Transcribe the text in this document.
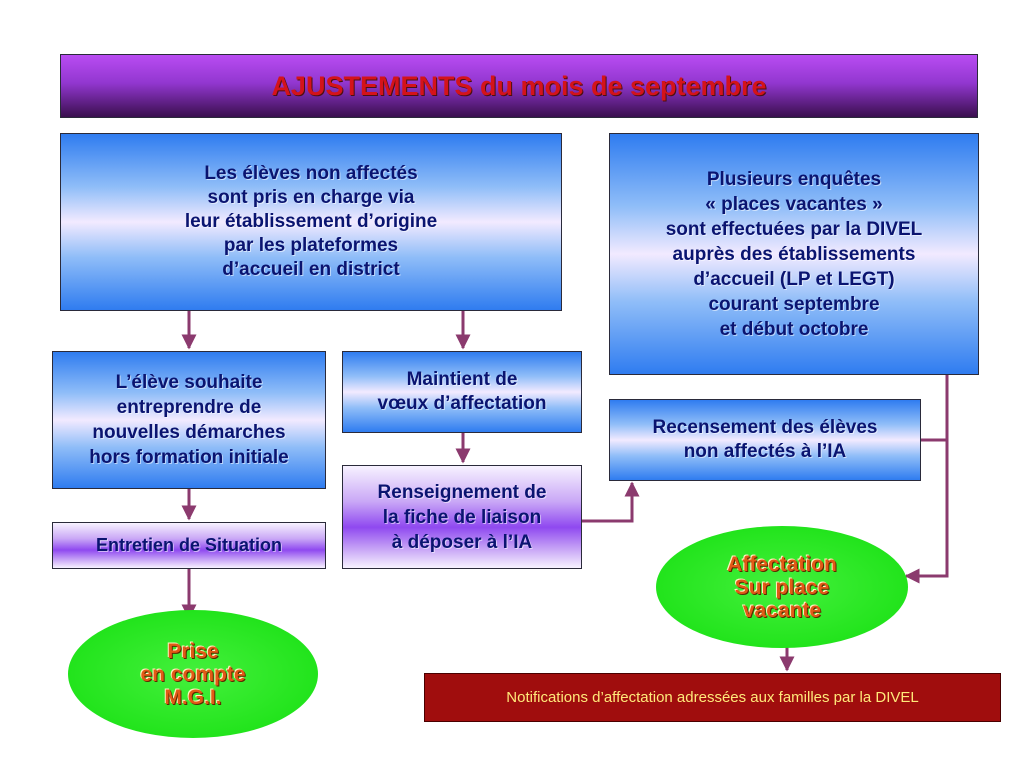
AJUSTEMENTS du mois de septembre
Les élèves non affectés
sont pris en charge via
leur établissement d’origine
par les plateformes
d’accueil en district
Plusieurs enquêtes
« places vacantes »
sont effectuées par la DIVEL
auprès des établissements
d’accueil (LP et LEGT)
courant septembre
et début octobre
L’élève souhaite
entreprendre de
nouvelles démarches
hors formation initiale
Maintient de
vœux d’affectation
Recensement des élèves
non affectés à l’IA
Renseignement de
la fiche de liaison
à déposer à l’IA
Entretien de Situation
Prise
en compte
M.G.I.
Affectation
Sur place
vacante
Notifications d’affectation adressées aux familles par la DIVEL
